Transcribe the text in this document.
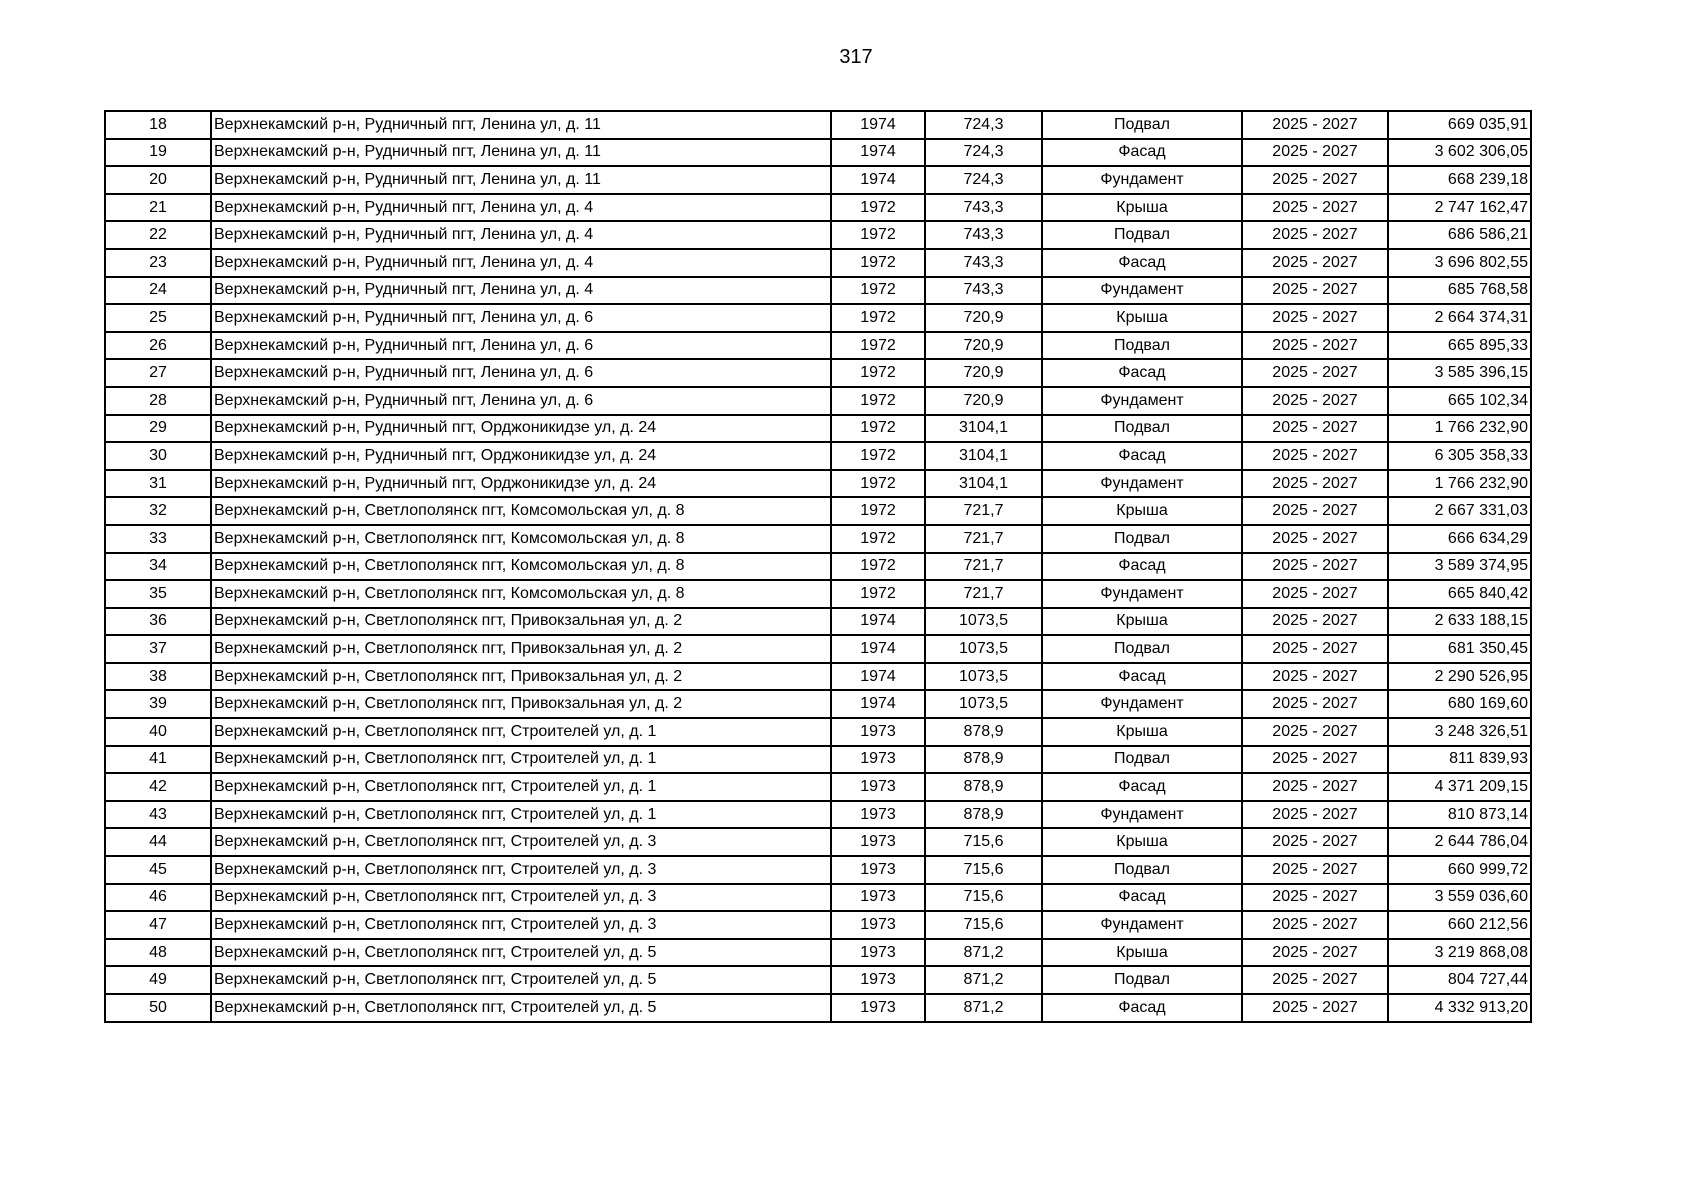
317
18	Верхнекамский р-н, Рудничный пгт, Ленина ул, д. 11	1974	724,3	Подвал	2025 - 2027	669 035,91
19	Верхнекамский р-н, Рудничный пгт, Ленина ул, д. 11	1974	724,3	Фасад	2025 - 2027	3 602 306,05
20	Верхнекамский р-н, Рудничный пгт, Ленина ул, д. 11	1974	724,3	Фундамент	2025 - 2027	668 239,18
21	Верхнекамский р-н, Рудничный пгт, Ленина ул, д. 4	1972	743,3	Крыша	2025 - 2027	2 747 162,47
22	Верхнекамский р-н, Рудничный пгт, Ленина ул, д. 4	1972	743,3	Подвал	2025 - 2027	686 586,21
23	Верхнекамский р-н, Рудничный пгт, Ленина ул, д. 4	1972	743,3	Фасад	2025 - 2027	3 696 802,55
24	Верхнекамский р-н, Рудничный пгт, Ленина ул, д. 4	1972	743,3	Фундамент	2025 - 2027	685 768,58
25	Верхнекамский р-н, Рудничный пгт, Ленина ул, д. 6	1972	720,9	Крыша	2025 - 2027	2 664 374,31
26	Верхнекамский р-н, Рудничный пгт, Ленина ул, д. 6	1972	720,9	Подвал	2025 - 2027	665 895,33
27	Верхнекамский р-н, Рудничный пгт, Ленина ул, д. 6	1972	720,9	Фасад	2025 - 2027	3 585 396,15
28	Верхнекамский р-н, Рудничный пгт, Ленина ул, д. 6	1972	720,9	Фундамент	2025 - 2027	665 102,34
29	Верхнекамский р-н, Рудничный пгт, Орджоникидзе ул, д. 24	1972	3104,1	Подвал	2025 - 2027	1 766 232,90
30	Верхнекамский р-н, Рудничный пгт, Орджоникидзе ул, д. 24	1972	3104,1	Фасад	2025 - 2027	6 305 358,33
31	Верхнекамский р-н, Рудничный пгт, Орджоникидзе ул, д. 24	1972	3104,1	Фундамент	2025 - 2027	1 766 232,90
32	Верхнекамский р-н, Светлополянск пгт, Комсомольская ул, д. 8	1972	721,7	Крыша	2025 - 2027	2 667 331,03
33	Верхнекамский р-н, Светлополянск пгт, Комсомольская ул, д. 8	1972	721,7	Подвал	2025 - 2027	666 634,29
34	Верхнекамский р-н, Светлополянск пгт, Комсомольская ул, д. 8	1972	721,7	Фасад	2025 - 2027	3 589 374,95
35	Верхнекамский р-н, Светлополянск пгт, Комсомольская ул, д. 8	1972	721,7	Фундамент	2025 - 2027	665 840,42
36	Верхнекамский р-н, Светлополянск пгт, Привокзальная ул, д. 2	1974	1073,5	Крыша	2025 - 2027	2 633 188,15
37	Верхнекамский р-н, Светлополянск пгт, Привокзальная ул, д. 2	1974	1073,5	Подвал	2025 - 2027	681 350,45
38	Верхнекамский р-н, Светлополянск пгт, Привокзальная ул, д. 2	1974	1073,5	Фасад	2025 - 2027	2 290 526,95
39	Верхнекамский р-н, Светлополянск пгт, Привокзальная ул, д. 2	1974	1073,5	Фундамент	2025 - 2027	680 169,60
40	Верхнекамский р-н, Светлополянск пгт, Строителей ул, д. 1	1973	878,9	Крыша	2025 - 2027	3 248 326,51
41	Верхнекамский р-н, Светлополянск пгт, Строителей ул, д. 1	1973	878,9	Подвал	2025 - 2027	811 839,93
42	Верхнекамский р-н, Светлополянск пгт, Строителей ул, д. 1	1973	878,9	Фасад	2025 - 2027	4 371 209,15
43	Верхнекамский р-н, Светлополянск пгт, Строителей ул, д. 1	1973	878,9	Фундамент	2025 - 2027	810 873,14
44	Верхнекамский р-н, Светлополянск пгт, Строителей ул, д. 3	1973	715,6	Крыша	2025 - 2027	2 644 786,04
45	Верхнекамский р-н, Светлополянск пгт, Строителей ул, д. 3	1973	715,6	Подвал	2025 - 2027	660 999,72
46	Верхнекамский р-н, Светлополянск пгт, Строителей ул, д. 3	1973	715,6	Фасад	2025 - 2027	3 559 036,60
47	Верхнекамский р-н, Светлополянск пгт, Строителей ул, д. 3	1973	715,6	Фундамент	2025 - 2027	660 212,56
48	Верхнекамский р-н, Светлополянск пгт, Строителей ул, д. 5	1973	871,2	Крыша	2025 - 2027	3 219 868,08
49	Верхнекамский р-н, Светлополянск пгт, Строителей ул, д. 5	1973	871,2	Подвал	2025 - 2027	804 727,44
50	Верхнекамский р-н, Светлополянск пгт, Строителей ул, д. 5	1973	871,2	Фасад	2025 - 2027	4 332 913,20
